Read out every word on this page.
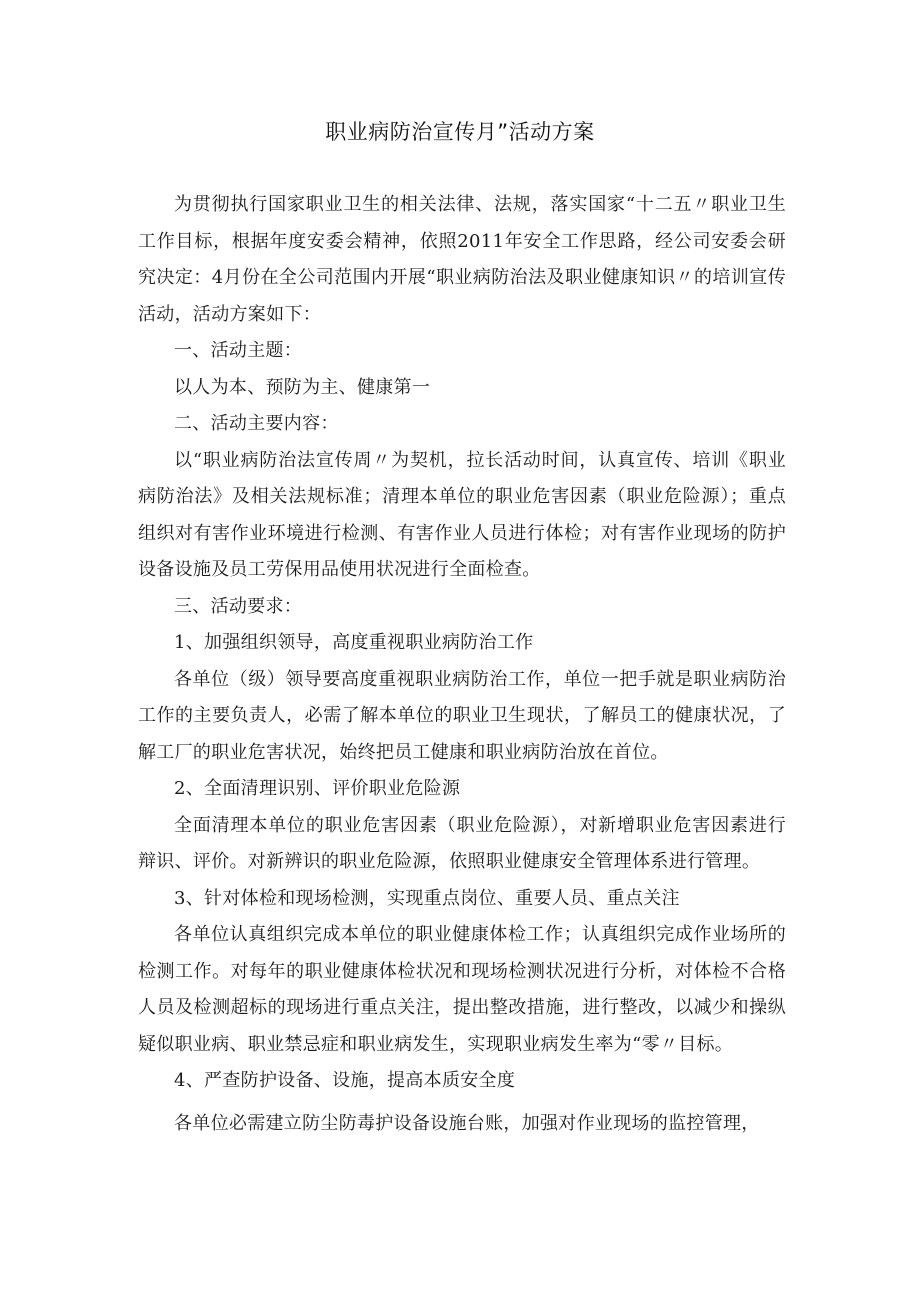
职业病防治宣传月”活动方案

为贯彻执行国家职业卫生的相关法律、法规，落实国家“十二五〃职业卫生工作目标，根据年度安委会精神，依照2011年安全工作思路，经公司安委会研究决定：4月份在全公司范围内开展“职业病防治法及职业健康知识〃的培训宣传活动，活动方案如下：

一、活动主题：

以人为本、预防为主、健康第一

二、活动主要内容：

以“职业病防治法宣传周〃为契机，拉长活动时间，认真宣传、培训《职业病防治法》及相关法规标准；清理本单位的职业危害因素（职业危险源）；重点组织对有害作业环境进行检测、有害作业人员进行体检；对有害作业现场的防护设备设施及员工劳保用品使用状况进行全面检查。

三、活动要求：

1、加强组织领导，高度重视职业病防治工作

各单位（级）领导要高度重视职业病防治工作，单位一把手就是职业病防治工作的主要负责人，必需了解本单位的职业卫生现状，了解员工的健康状况，了解工厂的职业危害状况，始终把员工健康和职业病防治放在首位。

2、全面清理识别、评价职业危险源

全面清理本单位的职业危害因素（职业危险源），对新增职业危害因素进行辩识、评价。对新辨识的职业危险源，依照职业健康安全管理体系进行管理。

3、针对体检和现场检测，实现重点岗位、重要人员、重点关注

各单位认真组织完成本单位的职业健康体检工作；认真组织完成作业场所的检测工作。对每年的职业健康体检状况和现场检测状况进行分析，对体检不合格人员及检测超标的现场进行重点关注，提出整改措施，进行整改，以减少和操纵疑似职业病、职业禁忌症和职业病发生，实现职业病发生率为“零〃目标。

4、严查防护设备、设施，提高本质安全度

各单位必需建立防尘防毒护设备设施台账，加强对作业现场的监控管理，
